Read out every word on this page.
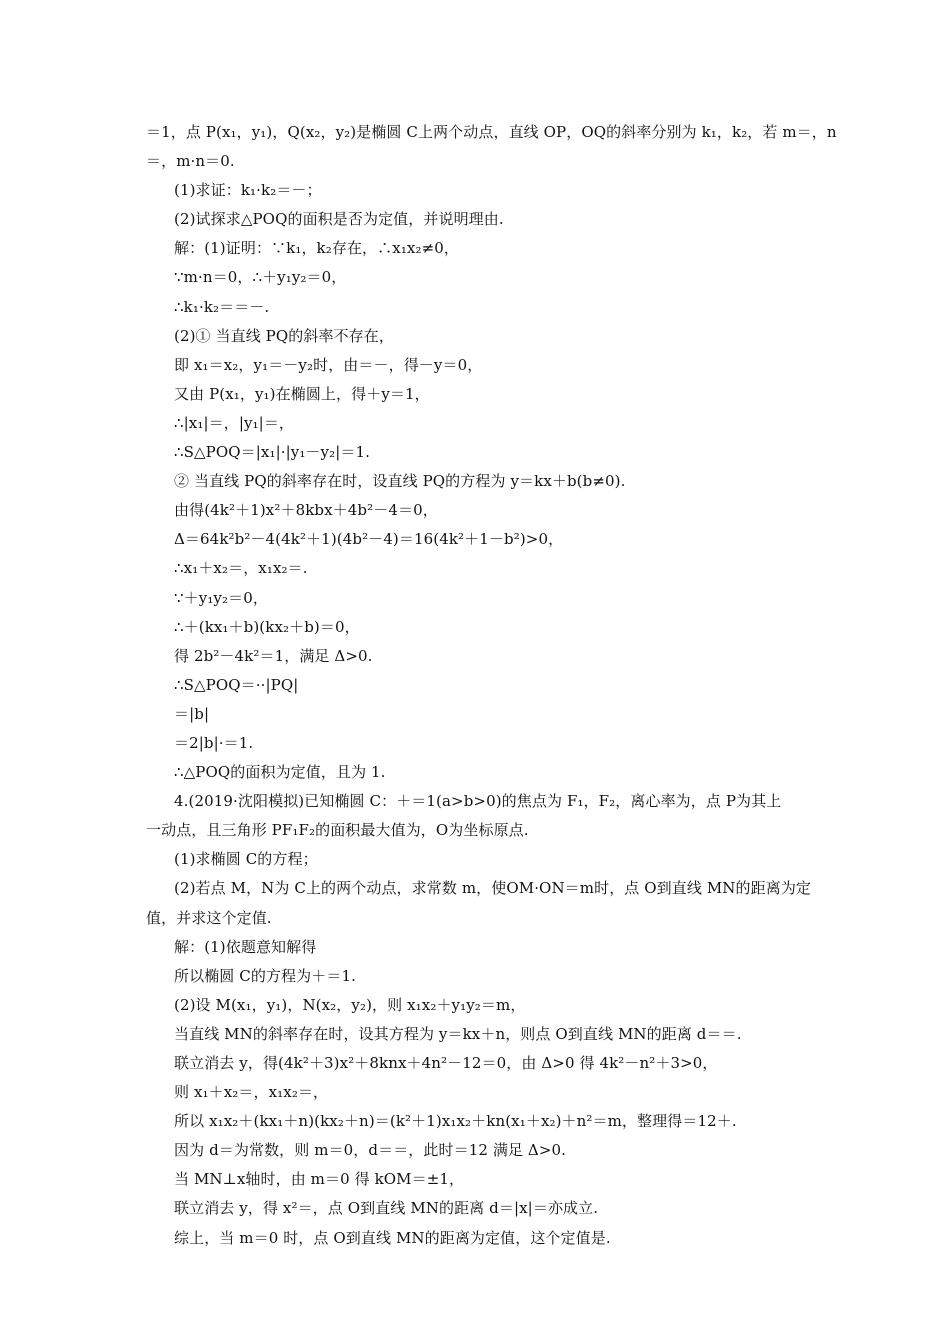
＝1，点 P(x₁，y₁)，Q(x₂，y₂)是椭圆 C上两个动点，直线 OP，OQ的斜率分别为 k₁，k₂，若 m＝，n
＝，m·n＝0.
(1)求证：k₁·k₂＝－；
(2)试探求△POQ的面积是否为定值，并说明理由.
解：(1)证明：∵k₁，k₂存在，∴x₁x₂≠0，
∵m·n＝0，∴＋y₁y₂＝0，
∴k₁·k₂＝＝－.
(2)① 当直线 PQ的斜率不存在，
即 x₁＝x₂，y₁＝－y₂时，由＝－，得－y＝0，
又由 P(x₁，y₁)在椭圆上，得＋y＝1，
∴|x₁|＝，|y₁|＝，
∴S△POQ＝|x₁|·|y₁－y₂|＝1.
② 当直线 PQ的斜率存在时，设直线 PQ的方程为 y＝kx＋b(b≠0).
由得(4k²＋1)x²＋8kbx＋4b²－4＝0，
Δ＝64k²b²－4(4k²＋1)(4b²－4)＝16(4k²＋1－b²)>0，
∴x₁＋x₂＝，x₁x₂＝.
∵＋y₁y₂＝0，
∴＋(kx₁＋b)(kx₂＋b)＝0，
得 2b²－4k²＝1，满足 Δ>0.
∴S△POQ＝··|PQ|
＝|b|
＝2|b|·＝1.
∴△POQ的面积为定值，且为 1.
4.(2019·沈阳模拟)已知椭圆 C：＋＝1(a>b>0)的焦点为 F₁，F₂，离心率为，点 P为其上
一动点，且三角形 PF₁F₂的面积最大值为，O为坐标原点.
(1)求椭圆 C的方程；
(2)若点 M，N为 C上的两个动点，求常数 m，使OM·ON＝m时，点 O到直线 MN的距离为定
值，并求这个定值.
解：(1)依题意知解得
所以椭圆 C的方程为＋＝1.
(2)设 M(x₁，y₁)，N(x₂，y₂)，则 x₁x₂＋y₁y₂＝m，
当直线 MN的斜率存在时，设其方程为 y＝kx＋n，则点 O到直线 MN的距离 d＝＝.
联立消去 y，得(4k²＋3)x²＋8knx＋4n²－12＝0，由 Δ>0 得 4k²－n²＋3>0，
则 x₁＋x₂＝，x₁x₂＝，
所以 x₁x₂＋(kx₁＋n)(kx₂＋n)＝(k²＋1)x₁x₂＋kn(x₁＋x₂)＋n²＝m，整理得＝12＋.
因为 d＝为常数，则 m＝0，d＝＝，此时＝12 满足 Δ>0.
当 MN⊥x轴时，由 m＝0 得 kOM＝±1，
联立消去 y，得 x²＝，点 O到直线 MN的距离 d＝|x|＝亦成立.
综上，当 m＝0 时，点 O到直线 MN的距离为定值，这个定值是.
